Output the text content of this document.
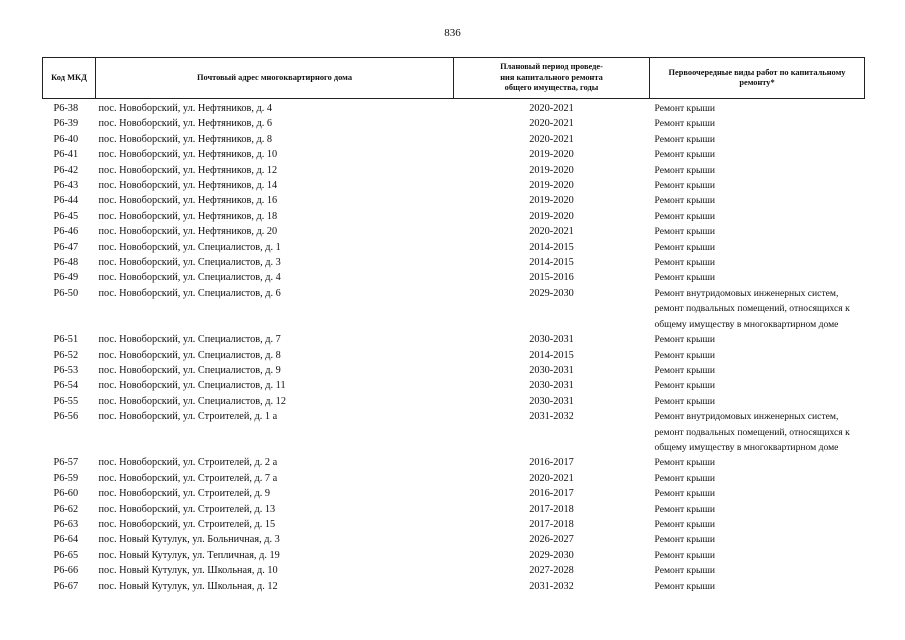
836
Код МКД	Почтовый адрес многоквартирного дома	Плановый период проведе-
ния капитального ремонта
общего имущества, годы	Первоочередные виды работ по капитальному
ремонту*

Р6-38	пос. Новоборский, ул. Нефтяников, д. 4	2020-2021	Ремонт крыши
Р6-39	пос. Новоборский, ул. Нефтяников, д. 6	2020-2021	Ремонт крыши
Р6-40	пос. Новоборский, ул. Нефтяников, д. 8	2020-2021	Ремонт крыши
Р6-41	пос. Новоборский, ул. Нефтяников, д. 10	2019-2020	Ремонт крыши
Р6-42	пос. Новоборский, ул. Нефтяников, д. 12	2019-2020	Ремонт крыши
Р6-43	пос. Новоборский, ул. Нефтяников, д. 14	2019-2020	Ремонт крыши
Р6-44	пос. Новоборский, ул. Нефтяников, д. 16	2019-2020	Ремонт крыши
Р6-45	пос. Новоборский, ул. Нефтяников, д. 18	2019-2020	Ремонт крыши
Р6-46	пос. Новоборский, ул. Нефтяников, д. 20	2020-2021	Ремонт крыши
Р6-47	пос. Новоборский, ул. Специалистов, д. 1	2014-2015	Ремонт крыши
Р6-48	пос. Новоборский, ул. Специалистов, д. 3	2014-2015	Ремонт крыши
Р6-49	пос. Новоборский, ул. Специалистов, д. 4	2015-2016	Ремонт крыши
Р6-50	пос. Новоборский, ул. Специалистов, д. 6	2029-2030	Ремонт внутридомовых инженерных систем,
ремонт подвальных помещений, относящихся к
общему имуществу в многоквартирном доме
Р6-51	пос. Новоборский, ул. Специалистов, д. 7	2030-2031	Ремонт крыши
Р6-52	пос. Новоборский, ул. Специалистов, д. 8	2014-2015	Ремонт крыши
Р6-53	пос. Новоборский, ул. Специалистов, д. 9	2030-2031	Ремонт крыши
Р6-54	пос. Новоборский, ул. Специалистов, д. 11	2030-2031	Ремонт крыши
Р6-55	пос. Новоборский, ул. Специалистов, д. 12	2030-2031	Ремонт крыши
Р6-56	пос. Новоборский, ул. Строителей, д. 1 а	2031-2032	Ремонт внутридомовых инженерных систем,
ремонт подвальных помещений, относящихся к
общему имуществу в многоквартирном доме
Р6-57	пос. Новоборский, ул. Строителей, д. 2 а	2016-2017	Ремонт крыши
Р6-59	пос. Новоборский, ул. Строителей, д. 7 а	2020-2021	Ремонт крыши
Р6-60	пос. Новоборский, ул. Строителей, д. 9	2016-2017	Ремонт крыши
Р6-62	пос. Новоборский, ул. Строителей, д. 13	2017-2018	Ремонт крыши
Р6-63	пос. Новоборский, ул. Строителей, д. 15	2017-2018	Ремонт крыши
Р6-64	пос. Новый Кутулук, ул. Больничная, д. 3	2026-2027	Ремонт крыши
Р6-65	пос. Новый Кутулук, ул. Тепличная, д. 19	2029-2030	Ремонт крыши
Р6-66	пос. Новый Кутулук, ул. Школьная, д. 10	2027-2028	Ремонт крыши
Р6-67	пос. Новый Кутулук, ул. Школьная, д. 12	2031-2032	Ремонт крыши
